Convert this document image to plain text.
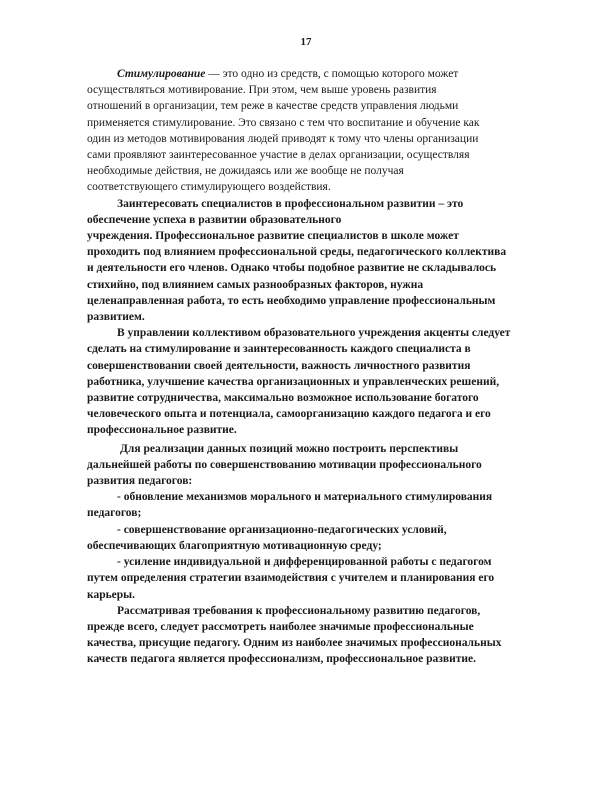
17
Стимулирование — это одно из средств, с помощью которого может
осуществляться мотивирование. При этом, чем выше уровень развития
отношений в организации, тем реже в качестве средств управления людьми
применяется стимулирование. Это связано с тем что воспитание и обучение как
один из методов мотивирования людей приводят к тому что члены организации
сами проявляют заинтересованное участие в делах организации, осуществляя
необходимые действия, не дожидаясь или же вообще не получая
соответствующего стимулирующего воздействия.
Заинтересовать специалистов в профессиональном развитии – это
обеспечение успеха в развитии образовательного
учреждения. Профессиональное развитие специалистов в школе может
проходить под влиянием профессиональной среды, педагогического коллектива
и деятельности его членов. Однако чтобы подобное развитие не складывалось
стихийно, под влиянием самых разнообразных факторов, нужна
целенаправленная работа, то есть необходимо управление профессиональным
развитием.
В управлении коллективом образовательного учреждения акценты следует
сделать на стимулирование и заинтересованность каждого специалиста в
совершенствовании своей деятельности, важность личностного развития
работника, улучшение качества организационных и управленческих решений,
развитие сотрудничества, максимально возможное использование богатого
человеческого опыта и потенциала, самоорганизацию каждого педагога и его
профессиональное развитие.
Для реализации данных позиций можно построить перспективы
дальнейшей работы по совершенствованию мотивации профессионального
развития педагогов:
- обновление механизмов морального и материального стимулирования
педагогов;
- совершенствование организационно-педагогических условий,
обеспечивающих благоприятную мотивационную среду;
- усиление индивидуальной и дифференцированной работы с педагогом
путем определения стратегии взаимодействия с учителем и планирования его
карьеры.
Рассматривая требования к профессиональному развитию педагогов,
прежде всего, следует рассмотреть наиболее значимые профессиональные
качества, присущие педагогу. Одним из наиболее значимых профессиональных
качеств педагога является профессионализм, профессиональное развитие.
